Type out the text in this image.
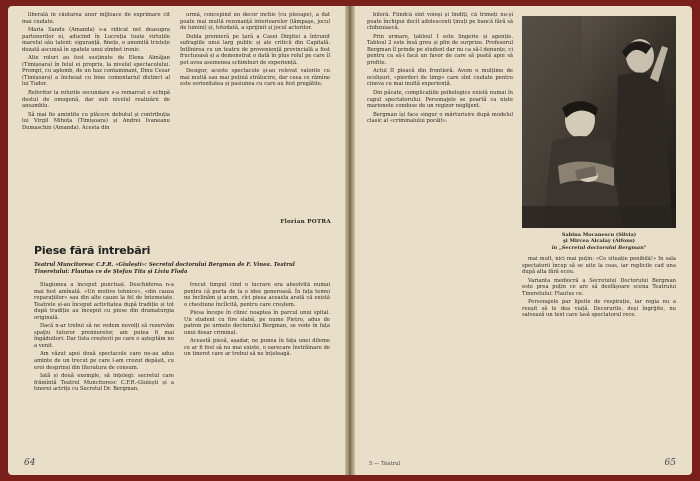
liberală în căutarea unor mijloace de exprimare cit mai ciudate.

Maria Sandu (Amanda) s-a ridicat net deasupra partenerilor ei, aducind în Lucreția toate virtuțile marelui său talent: siguranță, finețe, o anumită tristețe dozată ascunsă în spatele unui zîmbet ironic.

Alte roluri au fost susținute de Elena Almăjan (Timișoara) în felul ei propriu, la nivelul spectacolului. Prompt, cu aplomb, de un haz contaminant, Dinu Cesar (Timișoara) a încheiat cu bine comentariul distinct al lui Tudor.

Referitor la rolurile secundare s-a remarcat o echipă destul de omogenă, dar sub nivelul realizării de ansamblu.

Să mai fie amintite cu plăcere debutul și contribuția lui Virgil Mihoța (Timișoara) și Andrei Ivaneanu Dumaschin (Amanda). Acesta din

urmă, concepind un decor inchis (cu pleoape), a dat poate mai multă rezonanță interioarelor (lămpaşe, jocul de lumini) și, totodată, a sprijinit și jocul actorilor.

Dubla premieră pe țară a Casei Dinjitei a întrunit sufragiile unui larg public și ale criticii din Capitală. Intîlnirea cu un teatru de proveniență provincială a fost fructuoasă și a demonstrat o dată în plus rolul pe care îl pot avea asemenea schimburi de experiență.

Desigur, aceste spectacole și-au relevat valorile cu mai multă sau mai puțină strălucire, dar ceea ce rămîne este seriozitatea și pasiunea cu care au fost pregătite.

Florian POTRA
Piese fără întrebări
Teatrul Muncitoresc C.F.R. «Giulești»: Secretul doctorului Bergman de F. Vinea. Teatrul Tineretului: Flautus ce de Ștefan Tita și Liviu Floda

Stagiunea a început punctual. Deschiderea n-a mai fost amînată. «Un motive tehnice», «din cauza reparațiilor» sau din alte cauze la fel de întemeiate. Teatrele și-au început activitatea după tradiție și tot după tradiție au început cu piese din dramaturgia originală.

Dacă n-ar trebui să ne vedem nevoiți să rezervăm spațiu tuturor premierelor, am putea fi mai îngăduitori. Dar lista creșterii pe care o așteptăm nu a venit.

Am văzut apoi două spectacole care ne-au adus aminte de un trecut pe care l-am crezut depășit, cu eroi desprinși din literatura de consum.

Iată și două exemple, să ințelegi: secretul care frămîntă Teatrul Muncitoresc C.F.R.-Giulești și a tinerei actrițe cu Secretul Dr. Bergman.

trecut timpul cînd o lucrare era absolvită numai pentru că purta de la o idee generoasă. În fața temei ne înclinăm și acum, cîci piesa aceasta arată că există o chestiune încîlcită, pentru care creștem.

Piesa începe în clinic noaptea în parcul unui spital. Un student cu fire slabă, pe nume Pietro, adus de patron pe urmele doctorului Bergman, se vede în fața unui dosar criminal.

Această piesă, așadar, ne punea în fața unei dileme ce ar fi fost să nu mai existe, o oarecare înstrăinare de un tineret care ar trebui să ne înțeleagă.

64

bileră. Fiindcă sînt voioși și lindiți, că trimeți nu-și poate închipui decît adolescenti ținuți pe bancă fără să chibzuiască.

Prin urmare, tabloul I este lingerie și agenție. Tabloul 2 este însă greu și plin de surprize. Profesorul Bergman îl prinde pe student dar nu ca să-l denunțe, ci pentru ca să-i facă un favor de care să poată apoi să profite.

Actul II pleacă din frontieră. Avem o mulțime de ocolișuri, «pierderi de timp» care sînt ciudate pentru cineva cu mai multă experiență.

Din păcate, complicațiile psihologice există numai în capul spectatorului. Personajele se poartă ca niște marionete conduse de un regizor neglijent.

Bergman își face singur o mărturisire după modelul clasic al «criminalului pocăit».

Sabina Mocanescu (Silvia)
şi Mircea Alcalay (Alfons)
în „Secretul doctorului Bergman"

mai mult, nici mai puțin: «Ce situație penibilă!» În sala spectatorii încep să se uite la ceas, iar replicile cad una după alta fără ecou.

Varianta mediocră a Secretului Doctorului Bergman este prea puțin ce are să desfășoare scena Teatrului Tineretului: Flautus ce.

Personajele par lipsite de respirație, iar regia nu a reușit să le dea viață. Decorurile, deși îngrijite, nu salvează un text care lasă spectatorul rece.

5 — Teatrul	65
